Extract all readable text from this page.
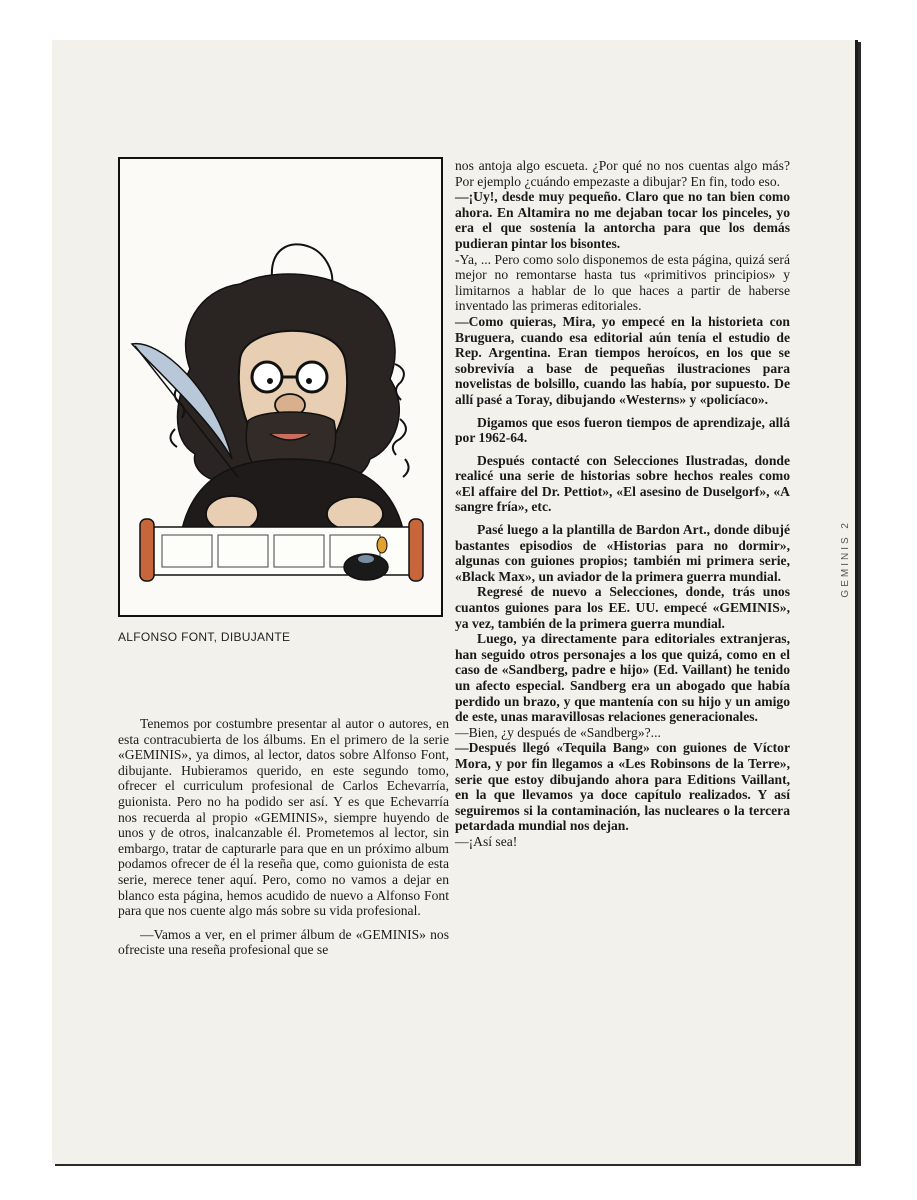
GEMINIS 2
ALFONSO FONT, DIBUJANTE

Tenemos por costumbre presentar al autor o autores, en esta contracubierta de los álbums. En el primero de la serie «GEMINIS», ya dimos, al lector, datos sobre Alfonso Font, dibujante. Hubieramos querido, en este segundo tomo, ofrecer el curriculum profesional de Carlos Echevarría, guionista. Pero no ha podido ser así. Y es que Echevarría nos recuerda al propio «GEMINIS», siempre huyendo de unos y de otros, inalcanzable él. Prometemos al lector, sin embargo, tratar de capturarle para que en un próximo album podamos ofrecer de él la reseña que, como guionista de esta serie, merece tener aquí. Pero, como no vamos a dejar en blanco esta página, hemos acudido de nuevo a Alfonso Font para que nos cuente algo más sobre su vida profesional.

—Vamos a ver, en el primer álbum de «GEMINIS» nos ofreciste una reseña profesional que se

nos antoja algo escueta. ¿Por qué no nos cuentas algo más? Por ejemplo ¿cuándo empezaste a dibujar? En fin, todo eso.

—¡Uy!, desde muy pequeño. Claro que no tan bien como ahora. En Altamira no me dejaban tocar los pinceles, yo era el que sostenía la antorcha para que los demás pudieran pintar los bisontes.

-Ya, ... Pero como solo disponemos de esta página, quizá será mejor no remontarse hasta tus «primitivos principios» y limitarnos a hablar de lo que haces a partir de haberse inventado las primeras editoriales.

—Como quieras, Mira, yo empecé en la historieta con Bruguera, cuando esa editorial aún tenía el estudio de Rep. Argentina. Eran tiempos heroícos, en los que se sobrevivía a base de pequeñas ilustraciones para novelistas de bolsillo, cuando las había, por supuesto. De allí pasé a Toray, dibujando «Westerns» y «policíaco».

Digamos que esos fueron tiempos de aprendizaje, allá por 1962-64.

Después contacté con Selecciones Ilustradas, donde realicé una serie de historias sobre hechos reales como «El affaire del Dr. Pettiot», «El asesino de Duselgorf», «A sangre fría», etc.

Pasé luego a la plantilla de Bardon Art., donde dibujé bastantes episodios de «Historias para no dormir», algunas con guiones propios; también mi primera serie, «Black Max», un aviador de la primera guerra mundial.

Regresé de nuevo a Selecciones, donde, trás unos cuantos guiones para los EE. UU. empecé «GEMINIS», ya vez, también de la primera guerra mundial.

Luego, ya directamente para editoriales extranjeras, han seguido otros personajes a los que quizá, como en el caso de «Sandberg, padre e hijo» (Ed. Vaillant) he tenido un afecto especial. Sandberg era un abogado que había perdido un brazo, y que mantenía con su hijo y un amigo de este, unas maravillosas relaciones generacionales.

—Bien, ¿y después de «Sandberg»?...

—Después llegó «Tequila Bang» con guiones de Víctor Mora, y por fin llegamos a «Les Robinsons de la Terre», serie que estoy dibujando ahora para Editions Vaillant, en la que llevamos ya doce capítulo realizados. Y así seguiremos si la contaminación, las nucleares o la tercera petardada mundial nos dejan.

—¡Así sea!
